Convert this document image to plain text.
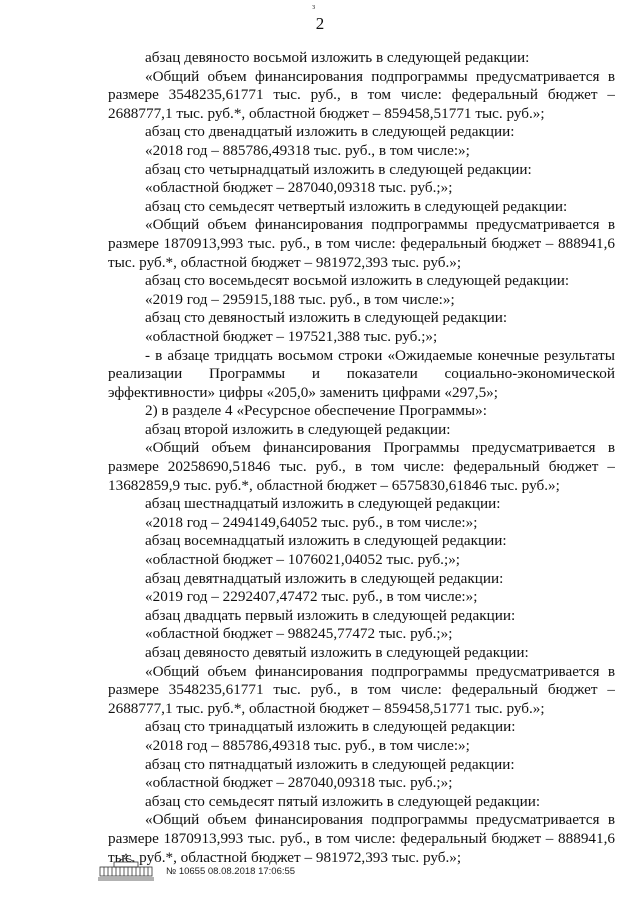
з
2
абзац девяносто восьмой изложить в следующей редакции:
«Общий объем финансирования подпрограммы предусматривается в
размере 3548235,61771 тыс. руб., в том числе: федеральный бюджет –
2688777,1 тыс. руб.*, областной бюджет – 859458,51771 тыс. руб.»;
абзац сто двенадцатый изложить в следующей редакции:
«2018 год – 885786,49318 тыс. руб., в том числе:»;
абзац сто четырнадцатый изложить в следующей редакции:
«областной бюджет – 287040,09318 тыс. руб.;»;
абзац сто семьдесят четвертый изложить в следующей редакции:
«Общий объем финансирования подпрограммы предусматривается в
размере 1870913,993 тыс. руб., в том числе: федеральный бюджет – 888941,6
тыс. руб.*, областной бюджет – 981972,393 тыс. руб.»;
абзац сто восемьдесят восьмой изложить в следующей редакции:
«2019 год – 295915,188 тыс. руб., в том числе:»;
абзац сто девяностый изложить в следующей редакции:
«областной бюджет – 197521,388 тыс. руб.;»;
- в абзаце тридцать восьмом строки «Ожидаемые конечные результаты
реализации Программы и показатели социально-экономической
эффективности» цифры «205,0» заменить цифрами «297,5»;
2) в разделе 4 «Ресурсное обеспечение Программы»:
абзац второй изложить в следующей редакции:
«Общий объем финансирования Программы предусматривается в
размере 20258690,51846 тыс. руб., в том числе: федеральный бюджет –
13682859,9 тыс. руб.*, областной бюджет – 6575830,61846 тыс. руб.»;
абзац шестнадцатый изложить в следующей редакции:
«2018 год – 2494149,64052 тыс. руб., в том числе:»;
абзац восемнадцатый изложить в следующей редакции:
«областной бюджет – 1076021,04052 тыс. руб.;»;
абзац девятнадцатый изложить в следующей редакции:
«2019 год – 2292407,47472 тыс. руб., в том числе:»;
абзац двадцать первый изложить в следующей редакции:
«областной бюджет – 988245,77472 тыс. руб.;»;
абзац девяносто девятый изложить в следующей редакции:
«Общий объем финансирования подпрограммы предусматривается в
размере 3548235,61771 тыс. руб., в том числе: федеральный бюджет –
2688777,1 тыс. руб.*, областной бюджет – 859458,51771 тыс. руб.»;
абзац сто тринадцатый изложить в следующей редакции:
«2018 год – 885786,49318 тыс. руб., в том числе:»;
абзац сто пятнадцатый изложить в следующей редакции:
«областной бюджет – 287040,09318 тыс. руб.;»;
абзац сто семьдесят пятый изложить в следующей редакции:
«Общий объем финансирования подпрограммы предусматривается в
размере 1870913,993 тыс. руб., в том числе: федеральный бюджет – 888941,6
тыс. руб.*, областной бюджет – 981972,393 тыс. руб.»;
№ 10655 08.08.2018 17:06:55
